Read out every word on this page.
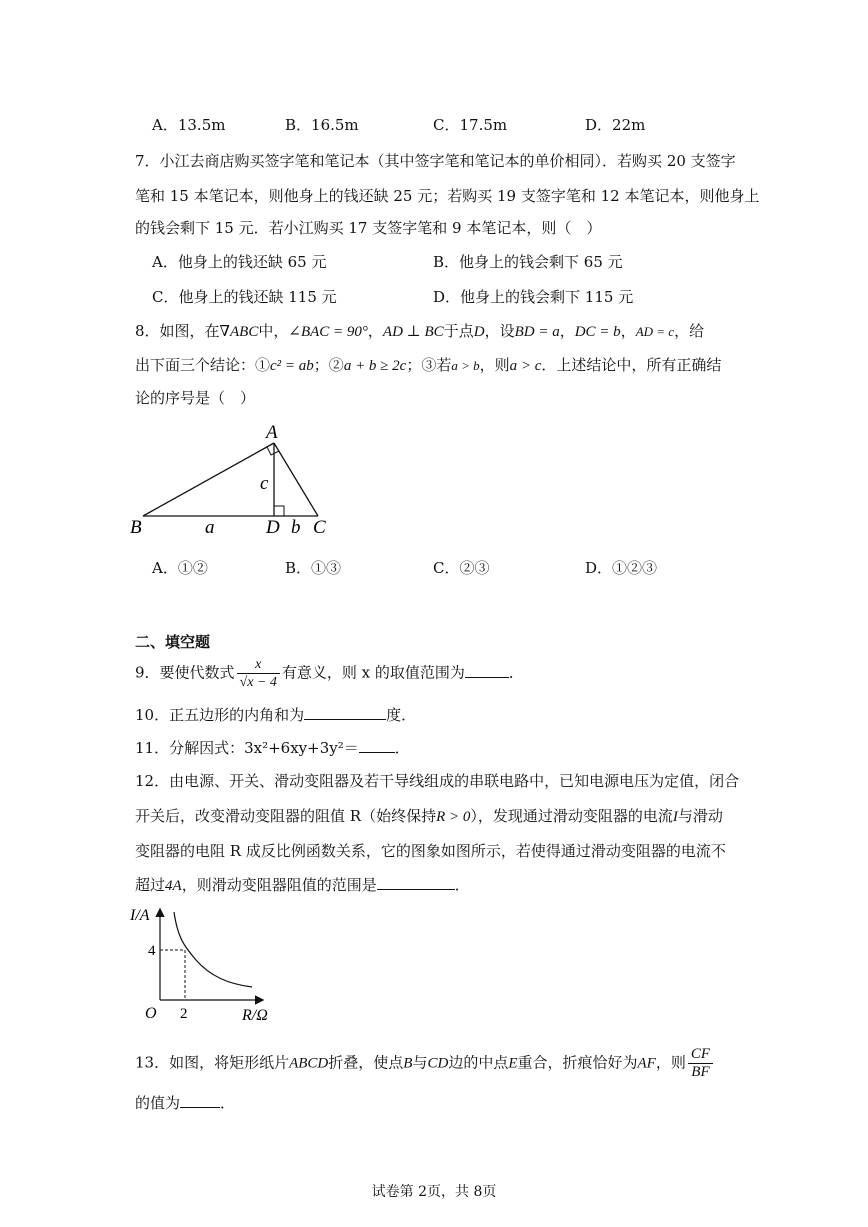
A．13.5m	B．16.5m	C．17.5m	D．22m
7．小江去商店购买签字笔和笔记本（其中签字笔和笔记本的单价相同）．若购买 20 支签字
笔和 15 本笔记本，则他身上的钱还缺 25 元；若购买 19 支签字笔和 12 本笔记本，则他身上
的钱会剩下 15 元．若小江购买 17 支签字笔和 9 本笔记本，则（　）
A．他身上的钱还缺 65 元	B．他身上的钱会剩下 65 元
C．他身上的钱还缺 115 元	D．他身上的钱会剩下 115 元
8．如图，在∇ABC中，∠BAC = 90°，AD ⊥ BC于点D，设BD = a，DC = b，AD = c，给
出下面三个结论：①c² = ab；②a + b ≥ 2c；③若a > b，则a > c．上述结论中，所有正确结
论的序号是（　）
A
B	D C
a	b
c
A．①②	B．①③	C．②③	D．①②③
二、填空题
9．要使代数式 $\frac{x}{√x - 4}$ 有意义，则 x 的取值范围为	．
10．正五边形的内角和为	度．
11．分解因式：3x²+6xy+3y²＝ ．
12．由电源、开关、滑动变阻器及若干导线组成的串联电路中，已知电源电压为定值，闭合
开关后，改变滑动变阻器的阻值 R（始终保持R > 0），发现通过滑动变阻器的电流I与滑动
变阻器的电阻 R 成反比例函数关系，它的图象如图所示，若使得通过滑动变阻器的电流不
超过4A，则滑动变阻器阻值的范围是	．
I/A
R/Ω
O
4
2
13．如图，将矩形纸片ABCD折叠，使点B与CD边的中点E重合，折痕恰好为AF，则 $\frac{CF}{BF}$
的值为	．
试卷第 2页，共 8页
